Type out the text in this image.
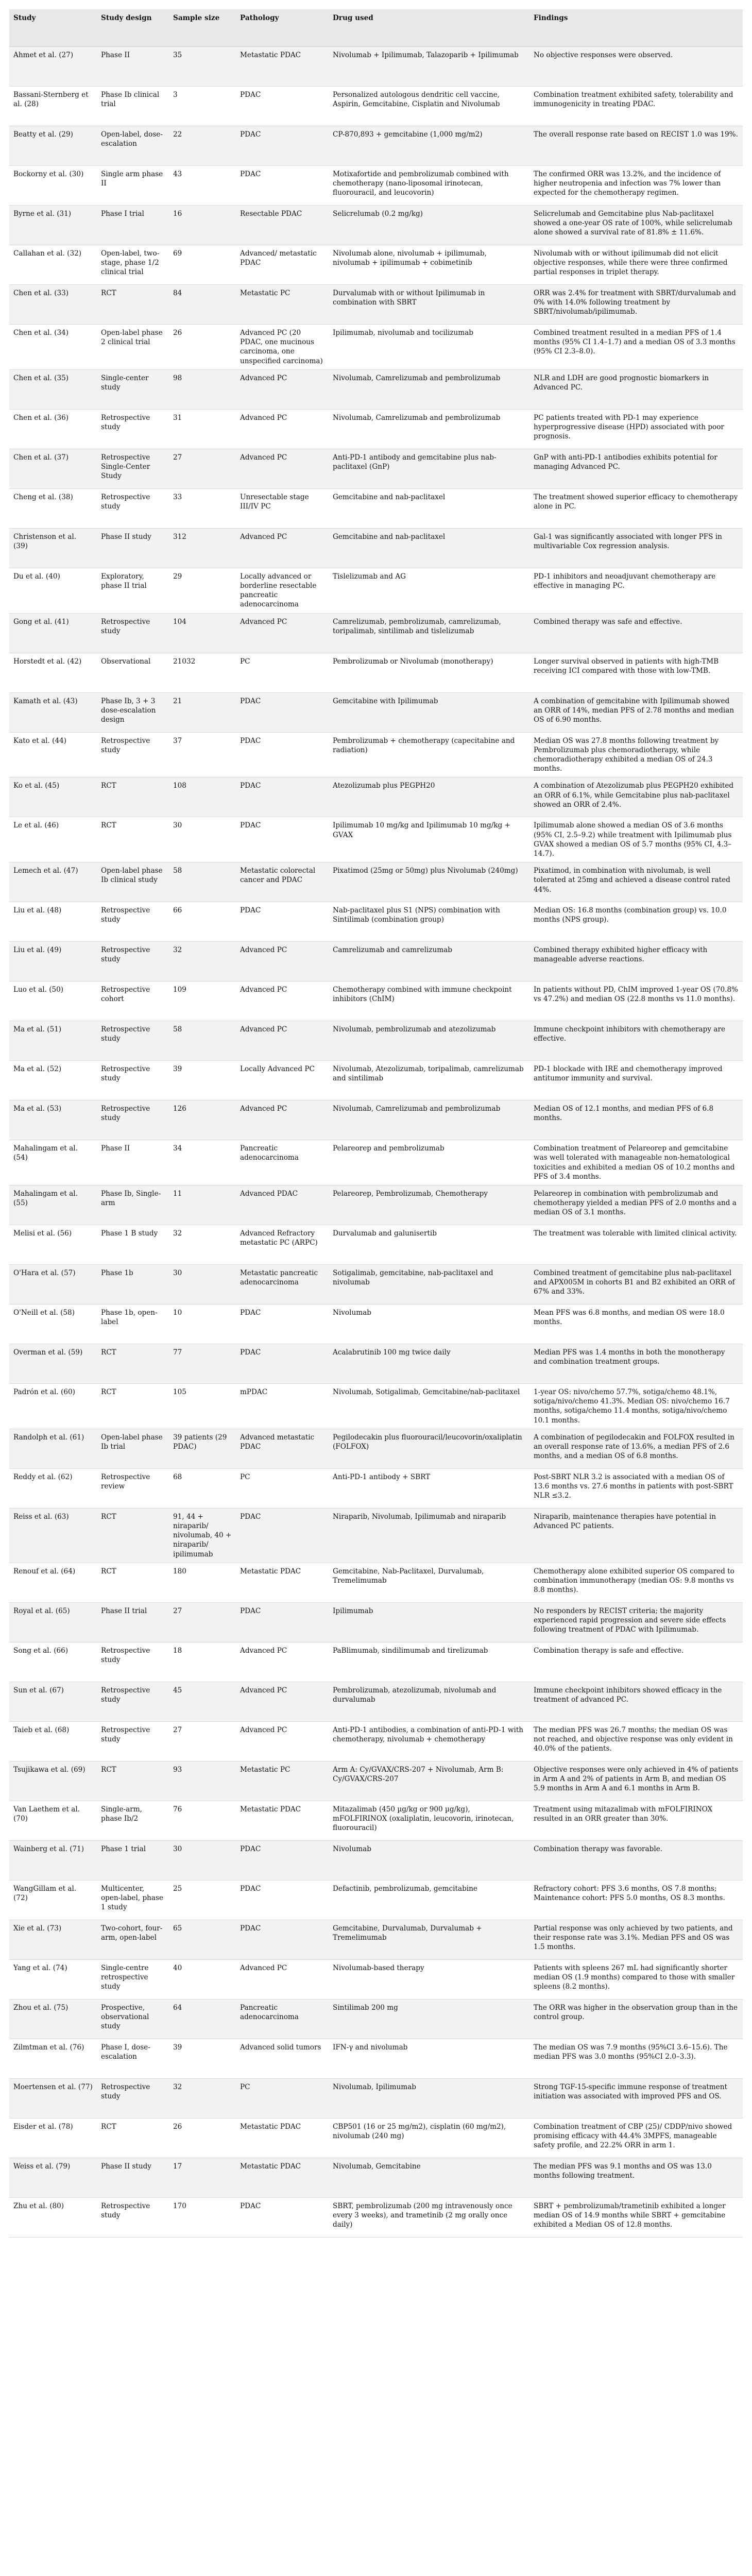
Study	Study design	Sample size	Pathology	Drug used	Findings
Ahmet et al. (27)	Phase II	35	Metastatic PDAC	Nivolumab + Ipilimumab, Talazoparib + Ipilimumab	No objective responses were observed.
Bassani-Sternberg et al. (28)	Phase Ib clinical trial	3	PDAC	Personalized autologous dendritic cell vaccine, Aspirin, Gemcitabine, Cisplatin and Nivolumab	Combination treatment exhibited safety, tolerability and immunogenicity in treating PDAC.
Beatty et al. (29)	Open-label, dose-escalation	22	PDAC	CP-870,893 + gemcitabine (1,000 mg/m2)	The overall response rate based on RECIST 1.0 was 19%.
Bockorny et al. (30)	Single arm phase II	43	PDAC	Motixafortide and pembrolizumab combined with chemotherapy (nano-liposomal irinotecan, fluorouracil, and leucovorin)	The confirmed ORR was 13.2%, and the incidence of higher neutropenia and infection was 7% lower than expected for the chemotherapy regimen.
Byrne et al. (31)	Phase I trial	16	Resectable PDAC	Selicrelumab (0.2 mg/kg)	Selicrelumab and Gemcitabine plus Nab-paclitaxel showed a one-year OS rate of 100%, while selicrelumab alone showed a survival rate of 81.8% ± 11.6%.
Callahan et al. (32)	Open-label, two-stage, phase 1/2 clinical trial	69	Advanced/ metastatic PDAC	Nivolumab alone, nivolumab + ipilimumab, nivolumab + ipilimumab + cobimetinib	Nivolumab with or without ipilimumab did not elicit objective responses, while there were three confirmed partial responses in triplet therapy.
Chen et al. (33)	RCT	84	Metastatic PC	Durvalumab with or without Ipilimumab in combination with SBRT	ORR was 2.4% for treatment with SBRT/durvalumab and 0% with 14.0% following treatment by SBRT/nivolumab/ipilimumab.
Chen et al. (34)	Open-label phase 2 clinical trial	26	Advanced PC (20 PDAC, one mucinous carcinoma, one unspecified carcinoma)	Ipilimumab, nivolumab and tocilizumab	Combined treatment resulted in a median PFS of 1.4 months (95% CI 1.4–1.7) and a median OS of 3.3 months (95% CI 2.3–8.0).
Chen et al. (35)	Single-center study	98	Advanced PC	Nivolumab, Camrelizumab and pembrolizumab	NLR and LDH are good prognostic biomarkers in Advanced PC.
Chen et al. (36)	Retrospective study	31	Advanced PC	Nivolumab, Camrelizumab and pembrolizumab	PC patients treated with PD-1 may experience hyperprogressive disease (HPD) associated with poor prognosis.
Chen et al. (37)	Retrospective Single-Center Study	27	Advanced PC	Anti-PD-1 antibody and gemcitabine plus nab-paclitaxel (GnP)	GnP with anti-PD-1 antibodies exhibits potential for managing Advanced PC.
Cheng et al. (38)	Retrospective study	33	Unresectable stage III/IV PC	Gemcitabine and nab-paclitaxel	The treatment showed superior efficacy to chemotherapy alone in PC.
Christenson et al. (39)	Phase II study	312	Advanced PC	Gemcitabine and nab-paclitaxel	Gal-1 was significantly associated with longer PFS in multivariable Cox regression analysis.
Du et al. (40)	Exploratory, phase II trial	29	Locally advanced or borderline resectable pancreatic adenocarcinoma	Tislelizumab and AG	PD-1 inhibitors and neoadjuvant chemotherapy are effective in managing PC.
Gong et al. (41)	Retrospective study	104	Advanced PC	Camrelizumab, pembrolizumab, camrelizumab, toripalimab, sintilimab and tislelizumab	Combined therapy was safe and effective.
Horstedt et al. (42)	Observational	21032	PC	Pembrolizumab or Nivolumab (monotherapy)	Longer survival observed in patients with high-TMB receiving ICI compared with those with low-TMB.
Kamath et al. (43)	Phase Ib, 3 + 3 dose-escalation design	21	PDAC	Gemcitabine with Ipilimumab	A combination of gemcitabine with Ipilimumab showed an ORR of 14%, median PFS of 2.78 months and median OS of 6.90 months.
Kato et al. (44)	Retrospective study	37	PDAC	Pembrolizumab + chemotherapy (capecitabine and radiation)	Median OS was 27.8 months following treatment by Pembrolizumab plus chemoradiotherapy, while chemoradiotherapy exhibited a median OS of 24.3 months.
Ko et al. (45)	RCT	108	PDAC	Atezolizumab plus PEGPH20	A combination of Atezolizumab plus PEGPH20 exhibited an ORR of 6.1%, while Gemcitabine plus nab-paclitaxel showed an ORR of 2.4%.
Le et al. (46)	RCT	30	PDAC	Ipilimumab 10 mg/kg and Ipilimumab 10 mg/kg + GVAX	Ipilimumab alone showed a median OS of 3.6 months (95% CI, 2.5–9.2) while treatment with Ipilimumab plus GVAX showed a median OS of 5.7 months (95% CI, 4.3–14.7).
Lemech et al. (47)	Open-label phase Ib clinical study	58	Metastatic colorectal cancer and PDAC	Pixatimod (25mg or 50mg) plus Nivolumab (240mg)	Pixatimod, in combination with nivolumab, is well tolerated at 25mg and achieved a disease control rated 44%.
Liu et al. (48)	Retrospective study	66	PDAC	Nab-paclitaxel plus S1 (NPS) combination with Sintilimab (combination group)	Median OS: 16.8 months (combination group) vs. 10.0 months (NPS group).
Liu et al. (49)	Retrospective study	32	Advanced PC	Camrelizumab and camrelizumab	Combined therapy exhibited higher efficacy with manageable adverse reactions.
Luo et al. (50)	Retrospective cohort	109	Advanced PC	Chemotherapy combined with immune checkpoint inhibitors (ChIM)	In patients without PD, ChIM improved 1-year OS (70.8% vs 47.2%) and median OS (22.8 months vs 11.0 months).
Ma et al. (51)	Retrospective study	58	Advanced PC	Nivolumab, pembrolizumab and atezolizumab	Immune checkpoint inhibitors with chemotherapy are effective.
Ma et al. (52)	Retrospective study	39	Locally Advanced PC	Nivolumab, Atezolizumab, toripalimab, camrelizumab and sintilimab	PD-1 blockade with IRE and chemotherapy improved antitumor immunity and survival.
Ma et al. (53)	Retrospective study	126	Advanced PC	Nivolumab, Camrelizumab and pembrolizumab	Median OS of 12.1 months, and median PFS of 6.8 months.
Mahalingam et al. (54)	Phase II	34	Pancreatic adenocarcinoma	Pelareorep and pembrolizumab	Combination treatment of Pelareorep and gemcitabine was well tolerated with manageable non-hematological toxicities and exhibited a median OS of 10.2 months and PFS of 3.4 months.
Mahalingam et al. (55)	Phase Ib, Single-arm	11	Advanced PDAC	Pelareorep, Pembrolizumab, Chemotherapy	Pelareorep in combination with pembrolizumab and chemotherapy yielded a median PFS of 2.0 months and a median OS of 3.1 months.
Melisi et al. (56)	Phase 1 B study	32	Advanced Refractory metastatic PC (ARPC)	Durvalumab and galunisertib	The treatment was tolerable with limited clinical activity.
O'Hara et al. (57)	Phase 1b	30	Metastatic pancreatic adenocarcinoma	Sotigalimab, gemcitabine, nab-paclitaxel and nivolumab	Combined treatment of gemcitabine plus nab-paclitaxel and APX005M in cohorts B1 and B2 exhibited an ORR of 67% and 33%.
O'Neill et al. (58)	Phase 1b, open-label	10	PDAC	Nivolumab	Mean PFS was 6.8 months, and median OS were 18.0 months.
Overman et al. (59)	RCT	77	PDAC	Acalabrutinib 100 mg twice daily	Median PFS was 1.4 months in both the monotherapy and combination treatment groups.
Padrón et al. (60)	RCT	105	mPDAC	Nivolumab, Sotigalimab, Gemcitabine/nab-paclitaxel	1-year OS: nivo/chemo 57.7%, sotiga/chemo 48.1%, sotiga/nivo/chemo 41.3%. Median OS: nivo/chemo 16.7 months, sotiga/chemo 11.4 months, sotiga/nivo/chemo 10.1 months.
Randolph et al. (61)	Open-label phase Ib trial	39 patients (29 PDAC)	Advanced metastatic PDAC	Pegilodecakin plus fluorouracil/leucovorin/oxaliplatin (FOLFOX)	A combination of pegilodecakin and FOLFOX resulted in an overall response rate of 13.6%, a median PFS of 2.6 months, and a median OS of 6.8 months.
Reddy et al. (62)	Retrospective review	68	PC	Anti-PD-1 antibody + SBRT	Post-SBRT NLR 3.2 is associated with a median OS of 13.6 months vs. 27.6 months in patients with post-SBRT NLR ≤3.2.
Reiss et al. (63)	RCT	91, 44 + niraparib/ nivolumab, 40 + niraparib/ ipilimumab	PDAC	Niraparib, Nivolumab, Ipilimumab and niraparib	Niraparib, maintenance therapies have potential in Advanced PC patients.
Renouf et al. (64)	RCT	180	Metastatic PDAC	Gemcitabine, Nab-Paclitaxel, Durvalumab, Tremelimumab	Chemotherapy alone exhibited superior OS compared to combination immunotherapy (median OS: 9.8 months vs 8.8 months).
Royal et al. (65)	Phase II trial	27	PDAC	Ipilimumab	No responders by RECIST criteria; the majority experienced rapid progression and severe side effects following treatment of PDAC with Ipilimumab.
Song et al. (66)	Retrospective study	18	Advanced PC	PaBlimumab, sindilimumab and tirelizumab	Combination therapy is safe and effective.
Sun et al. (67)	Retrospective study	45	Advanced PC	Pembrolizumab, atezolizumab, nivolumab and durvalumab	Immune checkpoint inhibitors showed efficacy in the treatment of advanced PC.
Taieb et al. (68)	Retrospective study	27	Advanced PC	Anti-PD-1 antibodies, a combination of anti-PD-1 with chemotherapy, nivolumab + chemotherapy	The median PFS was 26.7 months; the median OS was not reached, and objective response was only evident in 40.0% of the patients.
Tsujikawa et al. (69)	RCT	93	Metastatic PC	Arm A: Cy/GVAX/CRS-207 + Nivolumab, Arm B: Cy/GVAX/CRS-207	Objective responses were only achieved in 4% of patients in Arm A and 2% of patients in Arm B, and median OS 5.9 months in Arm A and 6.1 months in Arm B.
Van Laethem et al. (70)	Single-arm, phase Ib/2	76	Metastatic PDAC	Mitazalimab (450 µg/kg or 900 µg/kg), mFOLFIRINOX (oxaliplatin, leucovorin, irinotecan, fluorouracil)	Treatment using mitazalimab with mFOLFIRINOX resulted in an ORR greater than 30%.
Wainberg et al. (71)	Phase 1 trial	30	PDAC	Nivolumab	Combination therapy was favorable.
WangGillam et al. (72)	Multicenter, open-label, phase 1 study	25	PDAC	Defactinib, pembrolizumab, gemcitabine	Refractory cohort: PFS 3.6 months, OS 7.8 months; Maintenance cohort: PFS 5.0 months, OS 8.3 months.
Xie et al. (73)	Two-cohort, four-arm, open-label	65	PDAC	Gemcitabine, Durvalumab, Durvalumab + Tremelimumab	Partial response was only achieved by two patients, and their response rate was 3.1%. Median PFS and OS was 1.5 months.
Yang et al. (74)	Single-centre retrospective study	40	Advanced PC	Nivolumab-based therapy	Patients with spleens 267 mL had significantly shorter median OS (1.9 months) compared to those with smaller spleens (8.2 months).
Zhou et al. (75)	Prospective, observational study	64	Pancreatic adenocarcinoma	Sintilimab 200 mg	The ORR was higher in the observation group than in the control group.
Zilmtman et al. (76)	Phase I, dose-escalation	39	Advanced solid tumors	IFN-γ and nivolumab	The median OS was 7.9 months (95%CI 3.6–15.6). The median PFS was 3.0 months (95%CI 2.0–3.3).
Moertensen et al. (77)	Retrospective study	32	PC	Nivolumab, Ipilimumab	Strong TGF-15-specific immune response of treatment initiation was associated with improved PFS and OS.
Eisder et al. (78)	RCT	26	Metastatic PDAC	CBP501 (16 or 25 mg/m2), cisplatin (60 mg/m2), nivolumab (240 mg)	Combination treatment of CBP (25)/ CDDP/nivo showed promising efficacy with 44.4% 3MPFS, manageable safety profile, and 22.2% ORR in arm 1.
Weiss et al. (79)	Phase II study	17	Metastatic PDAC	Nivolumab, Gemcitabine	The median PFS was 9.1 months and OS was 13.0 months following treatment.
Zhu et al. (80)	Retrospective study	170	PDAC	SBRT, pembrolizumab (200 mg intravenously once every 3 weeks), and trametinib (2 mg orally once daily)	SBRT + pembrolizumab/trametinib exhibited a longer median OS of 14.9 months while SBRT + gemcitabine exhibited a Median OS of 12.8 months.
